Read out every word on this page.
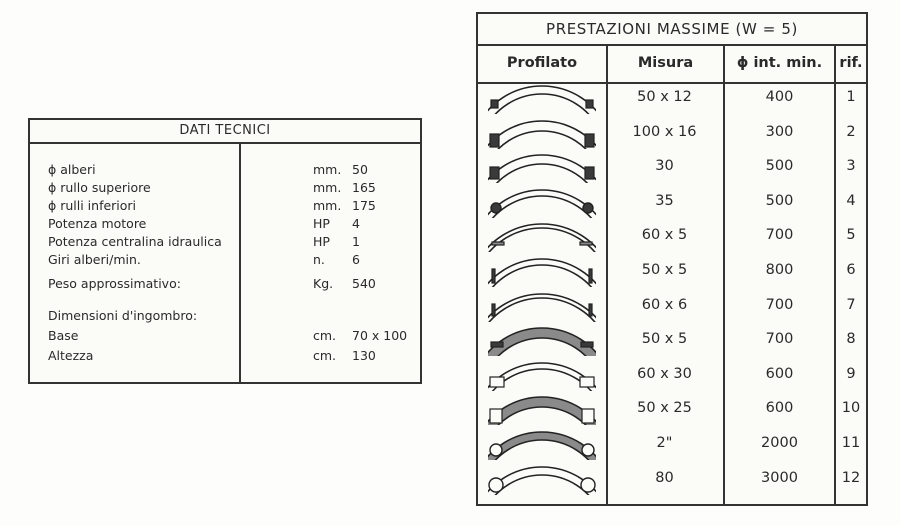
DATI TECNICI
ϕ alberi	mm. 50
ϕ rullo superiore	mm. 165
ϕ rulli inferiori	mm. 175
Potenza motore	HP 4
Potenza centralina idraulica	HP 1
Giri alberi/min.	n. 6
Peso approssimativo:	Kg. 540
Dimensioni d'ingombro:
Base	cm. 70 x 100
Altezza	cm. 130
PRESTAZIONI MASSIME (W = 5)
Profilato	Misura	ϕ int. min.	rif.
50 x 12	400	1
100 x 16	300	2
30	500	3
35	500	4
60 x 5	700	5
50 x 5	800	6
60 x 6	700	7
50 x 5	700	8
60 x 30	600	9
50 x 25	600	10
2"	2000	11
80	3000	12
